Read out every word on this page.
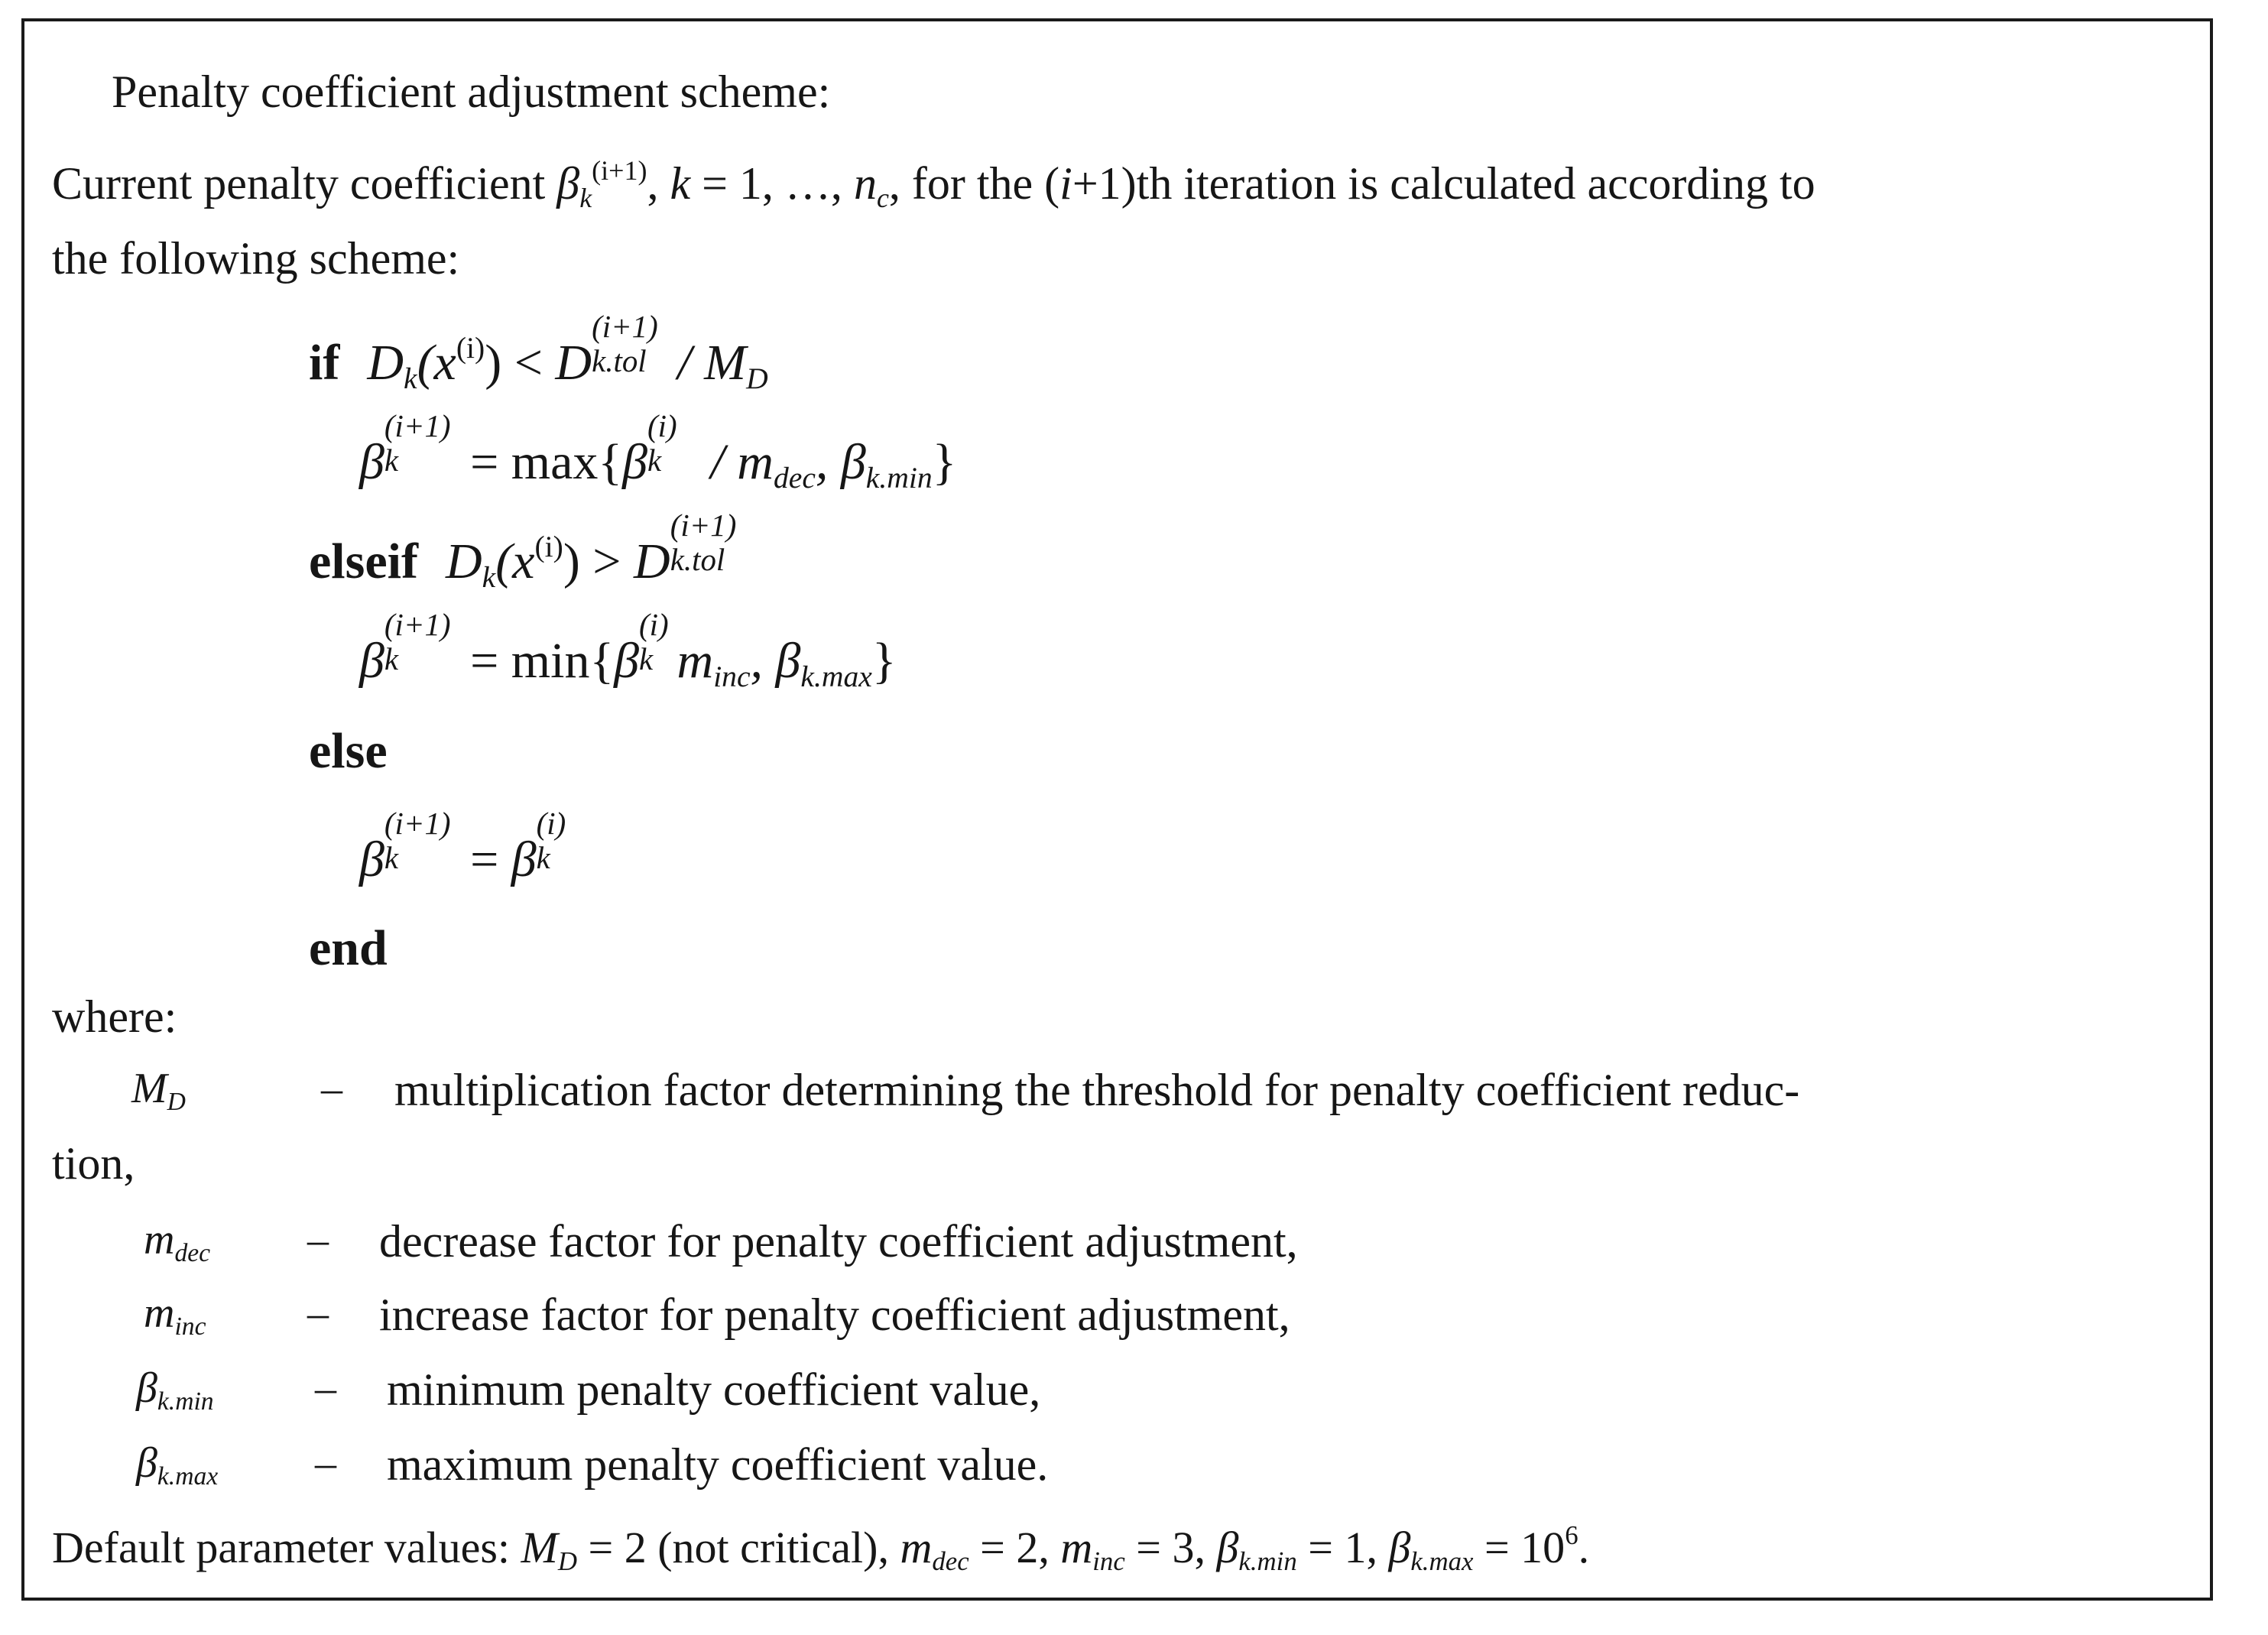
Penalty coefficient adjustment scheme:
Current penalty coefficient $\beta k^{(i+1)}$, k = 1, …, nc, for the (i+1)th iteration is calculated according to
the following scheme:
if $Dk(x^{(i)}) < D$
(i+1)
k.tol / MD
β
(i+1)
k = max{β
(i)
k / mdec, βk.min}
elseif $Dk(x^{(i)}) > D$
(i+1)
k.tol
β
(i+1)
k = min{β
(i)
k minc, βk.max}
else
β
(i+1)
k = β
(i)
k
end
where:
MD	– multiplication factor determining the threshold for penalty coefficient reduc-
tion,
mdec – decrease factor for penalty coefficient adjustment,
minc – increase factor for penalty coefficient adjustment,
βk.min – minimum penalty coefficient value,
βk.max – maximum penalty coefficient value.
Default parameter values: MD = 2 (not critical), mdec = 2, minc = 3, βk.min = 1, $\beta k.\max = 10^6$.
